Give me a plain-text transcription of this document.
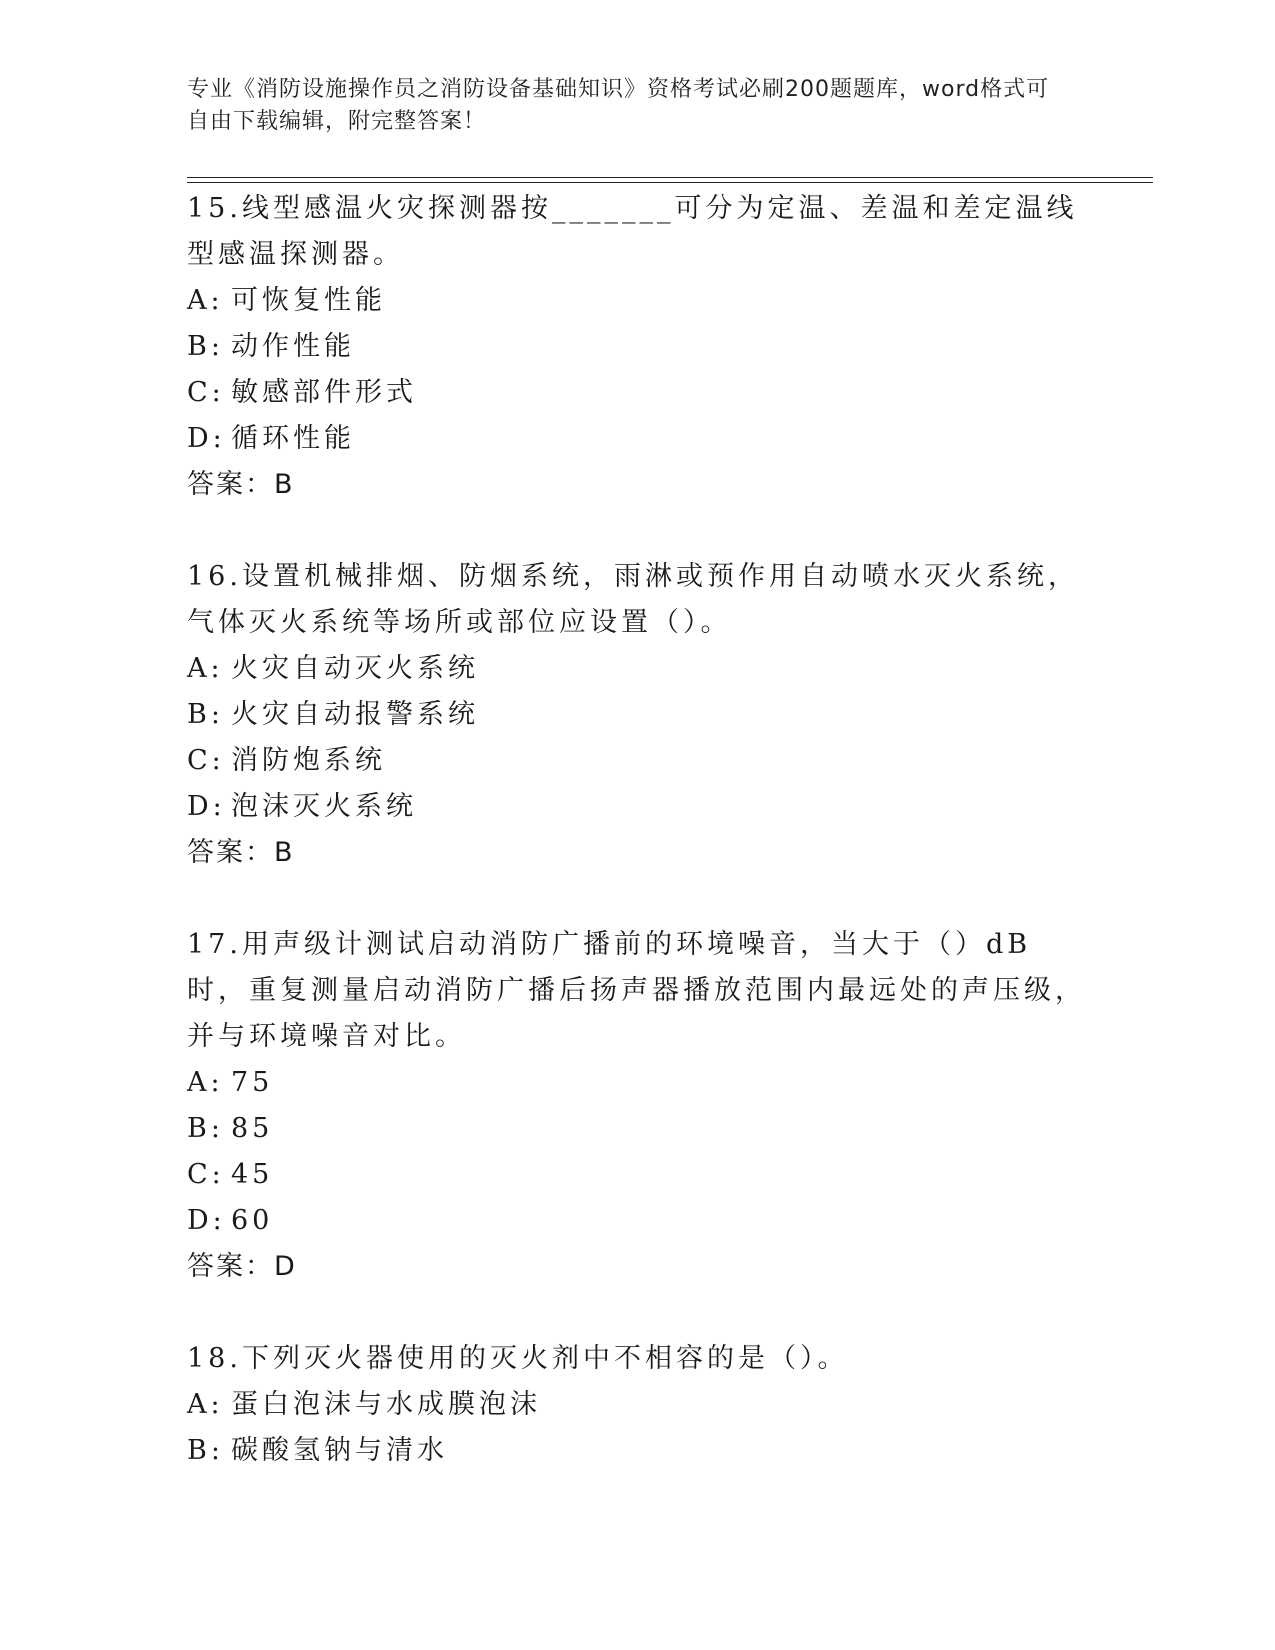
专业《消防设施操作员之消防设备基础知识》资格考试必刷200题题库，word格式可自由下载编辑，附完整答案！

15.线型感温火灾探测器按_______可分为定温、差温和差定温线型感温探测器。

A: 可恢复性能

B: 动作性能

C: 敏感部件形式

D: 循环性能

答案：B

16.设置机械排烟、防烟系统，雨淋或预作用自动喷水灭火系统，气体灭火系统等场所或部位应设置（）。

A: 火灾自动灭火系统

B: 火灾自动报警系统

C: 消防炮系统

D: 泡沫灭火系统

答案：B

17.用声级计测试启动消防广播前的环境噪音，当大于（）dB时，重复测量启动消防广播后扬声器播放范围内最远处的声压级，并与环境噪音对比。

A: 75

B: 85

C: 45

D: 60

答案：D

18.下列灭火器使用的灭火剂中不相容的是（）。

A: 蛋白泡沫与水成膜泡沫

B: 碳酸氢钠与清水
